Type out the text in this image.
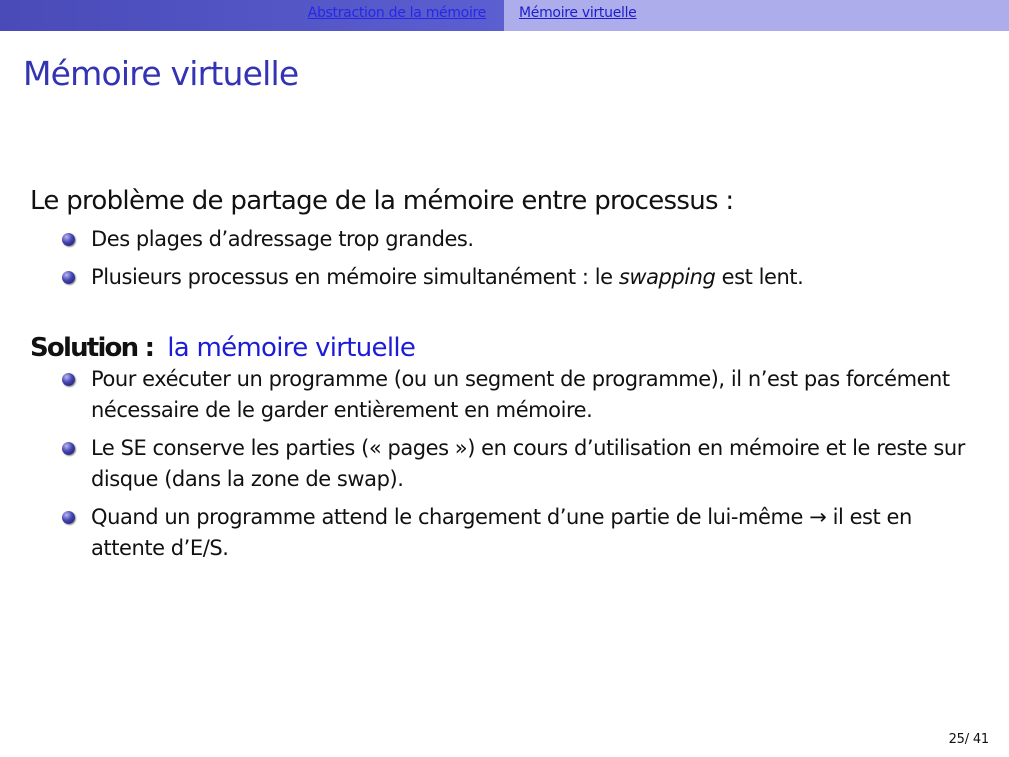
Abstraction de la mémoire Mémoire virtuelle
Mémoire virtuelle
Le problème de partage de la mémoire entre processus :
Des plages d’adressage trop grandes.
Plusieurs processus en mémoire simultanément : le swapping est lent.
Solution : la mémoire virtuelle
Pour exécuter un programme (ou un segment de programme), il n’est pas forcément nécessaire de le garder entièrement en mémoire.
Le SE conserve les parties (« pages ») en cours d’utilisation en mémoire et le reste sur disque (dans la zone de swap).
Quand un programme attend le chargement d’une partie de lui-même → il est en attente d’E/S.
25/ 41
